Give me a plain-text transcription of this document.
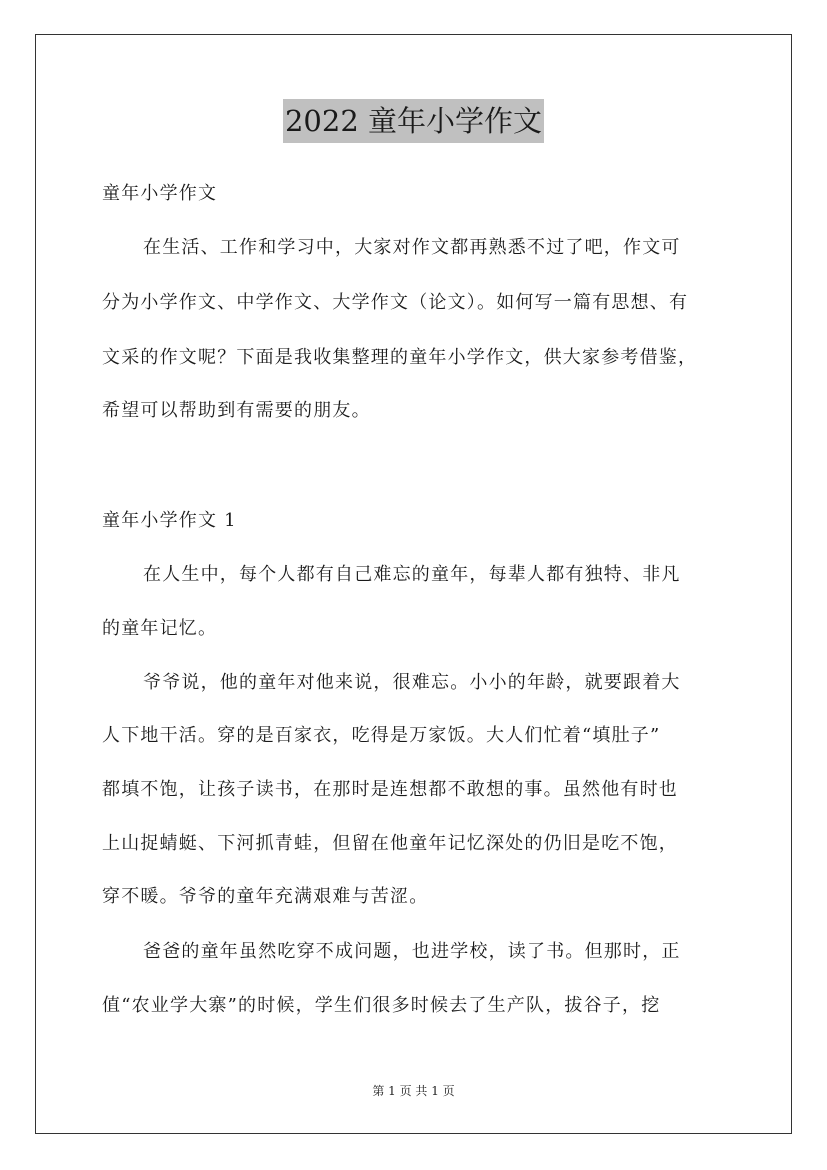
2022 童年小学作文
童年小学作文
在生活、工作和学习中，大家对作文都再熟悉不过了吧，作文可
分为小学作文、中学作文、大学作文（论文）。如何写一篇有思想、有
文采的作文呢？下面是我收集整理的童年小学作文，供大家参考借鉴，
希望可以帮助到有需要的朋友。
童年小学作文 1
在人生中，每个人都有自己难忘的童年，每辈人都有独特、非凡
的童年记忆。
爷爷说，他的童年对他来说，很难忘。小小的年龄，就要跟着大
人下地干活。穿的是百家衣，吃得是万家饭。大人们忙着“填肚子”
都填不饱，让孩子读书，在那时是连想都不敢想的事。虽然他有时也
上山捉蜻蜓、下河抓青蛙，但留在他童年记忆深处的仍旧是吃不饱，
穿不暖。爷爷的童年充满艰难与苦涩。
爸爸的童年虽然吃穿不成问题，也进学校，读了书。但那时，正
值“农业学大寨”的时候，学生们很多时候去了生产队，拔谷子，挖
第 1 页 共 1 页
